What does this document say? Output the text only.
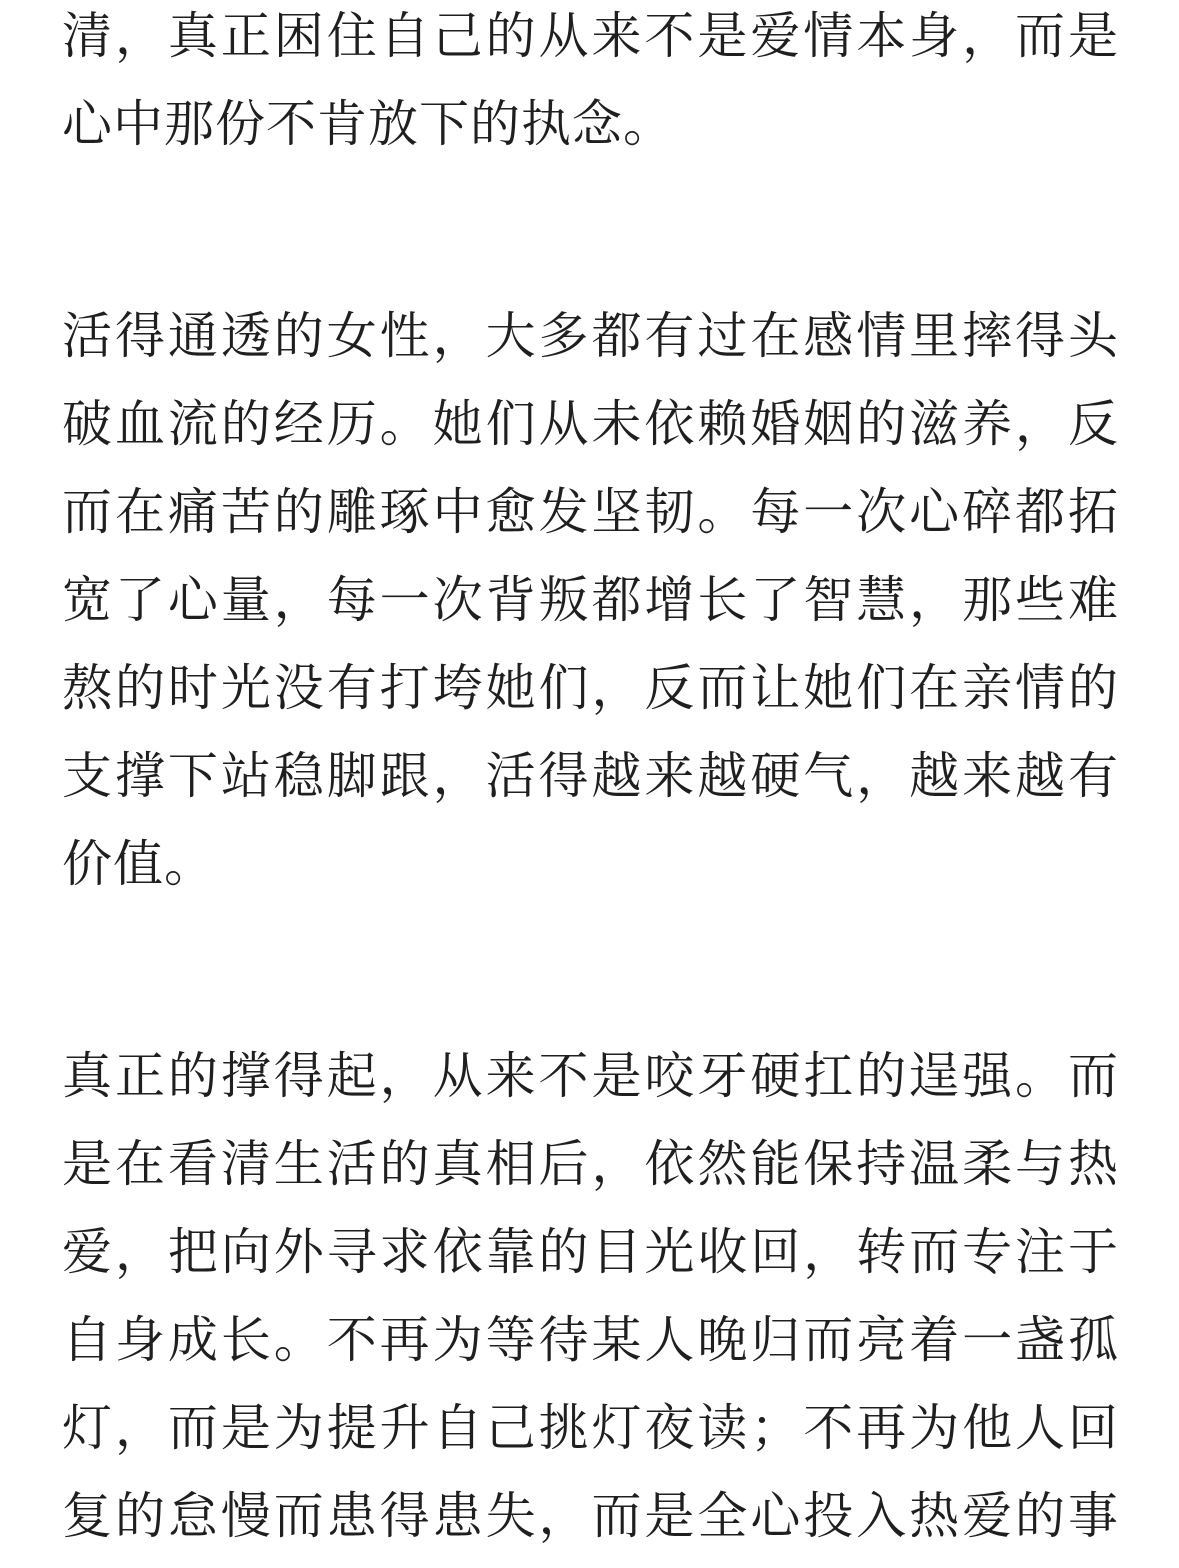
清，真正困住自己的从来不是爱情本身，而是
心中那份不肯放下的执念。
活得通透的女性，大多都有过在感情里摔得头
破血流的经历。她们从未依赖婚姻的滋养，反
而在痛苦的雕琢中愈发坚韧。每一次心碎都拓
宽了心量，每一次背叛都增长了智慧，那些难
熬的时光没有打垮她们，反而让她们在亲情的
支撑下站稳脚跟，活得越来越硬气，越来越有
价值。
真正的撑得起，从来不是咬牙硬扛的逞强。而
是在看清生活的真相后，依然能保持温柔与热
爱，把向外寻求依靠的目光收回，转而专注于
自身成长。不再为等待某人晚归而亮着一盏孤
灯，而是为提升自己挑灯夜读；不再为他人回
复的怠慢而患得患失，而是全心投入热爱的事
